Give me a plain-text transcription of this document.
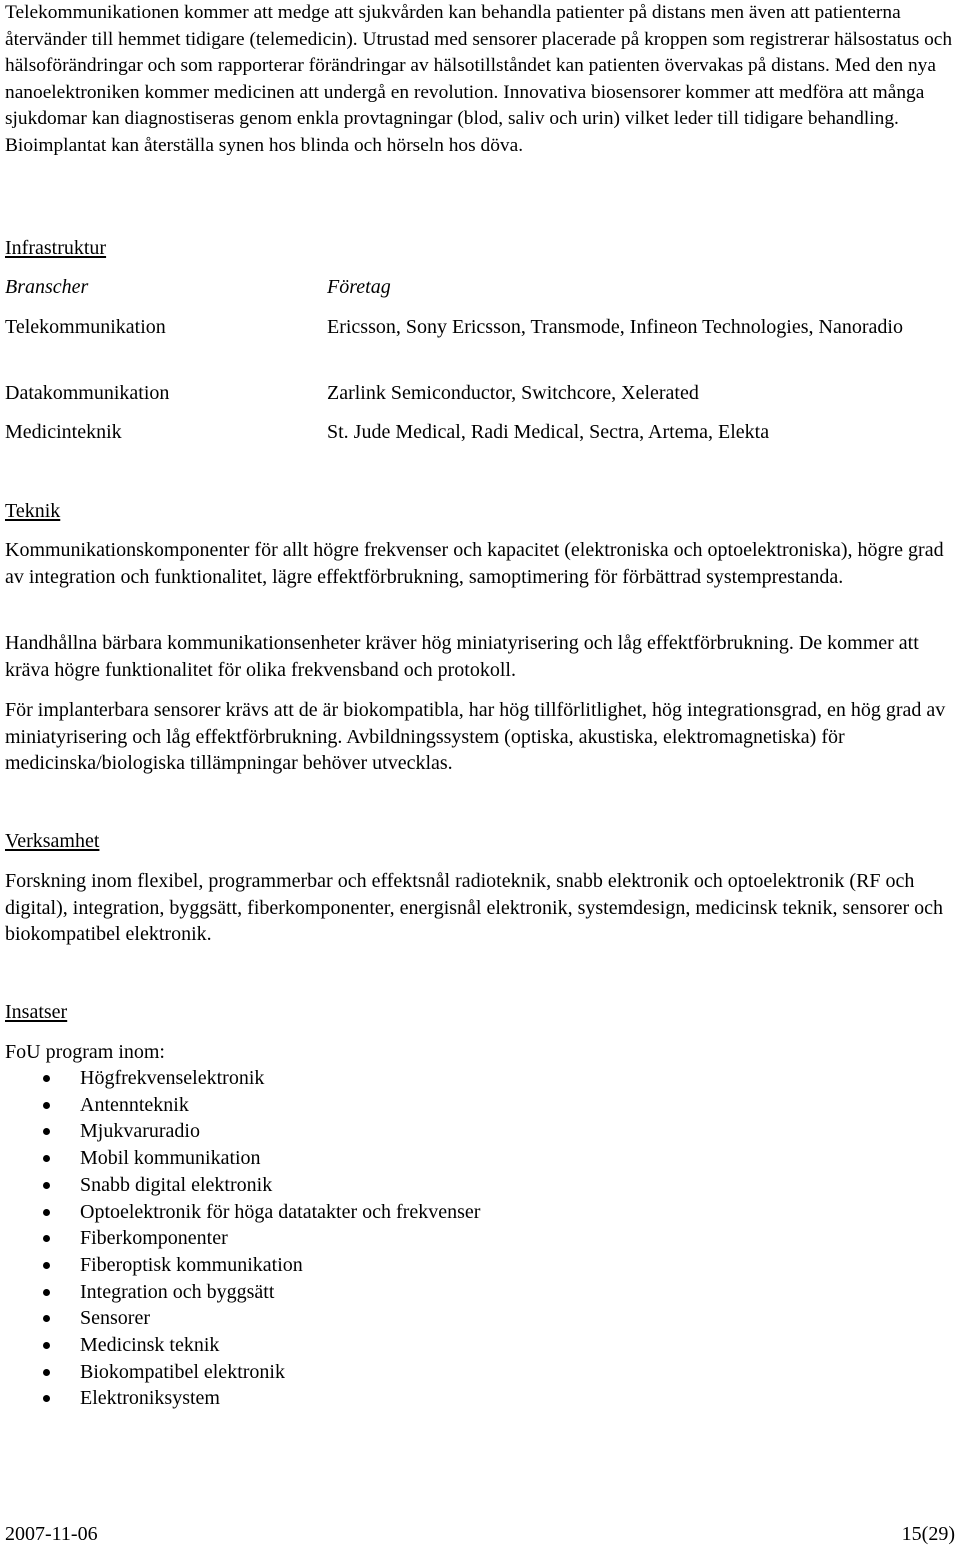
Telekommunikationen kommer att medge att sjukvården kan behandla patienter på distans men även att patienterna återvänder till hemmet tidigare (telemedicin). Utrustad med sensorer placerade på kroppen som registrerar hälsostatus och hälsoförändringar och som rapporterar förändringar av hälsotillståndet kan patienten övervakas på distans. Med den nya nanoelektroniken kommer medicinen att undergå en revolution. Innovativa biosensorer kommer att medföra att många sjukdomar kan diagnostiseras genom enkla provtagningar (blod, saliv och urin) vilket leder till tidigare behandling. Bioimplantat kan återställa synen hos blinda och hörseln hos döva.

Infrastruktur
Branscher	Företag
Telekommunikation	Ericsson, Sony Ericsson, Transmode, Infineon Technologies, Nanoradio
Datakommunikation	Zarlink Semiconductor, Switchcore, Xelerated
Medicinteknik	St. Jude Medical, Radi Medical, Sectra, Artema, Elekta
Teknik

Kommunikationskomponenter för allt högre frekvenser och kapacitet (elektroniska och optoelektroniska), högre grad av integration och funktionalitet, lägre effektförbrukning, samoptimering för förbättrad systemprestanda.

Handhållna bärbara kommunikationsenheter kräver hög miniatyrisering och låg effektförbrukning. De kommer att kräva högre funktionalitet för olika frekvensband och protokoll.

För implanterbara sensorer krävs att de är biokompatibla, har hög tillförlitlighet, hög integrationsgrad, en hög grad av miniatyrisering och låg effektförbrukning. Avbildningssystem (optiska, akustiska, elektromagnetiska) för medicinska/biologiska tillämpningar behöver utvecklas.

Verksamhet

Forskning inom flexibel, programmerbar och effektsnål radioteknik, snabb elektronik och optoelektronik (RF och digital), integration, byggsätt, fiberkomponenter, energisnål elektronik, systemdesign, medicinsk teknik, sensorer och biokompatibel elektronik.

Insatser
FoU program inom:
Högfrekvenselektronik
Antennteknik
Mjukvaruradio
Mobil kommunikation
Snabb digital elektronik
Optoelektronik för höga datatakter och frekvenser
Fiberkomponenter
Fiberoptisk kommunikation
Integration och byggsätt
Sensorer
Medicinsk teknik
Biokompatibel elektronik
Elektroniksystem
2007-11-06	15(29)
